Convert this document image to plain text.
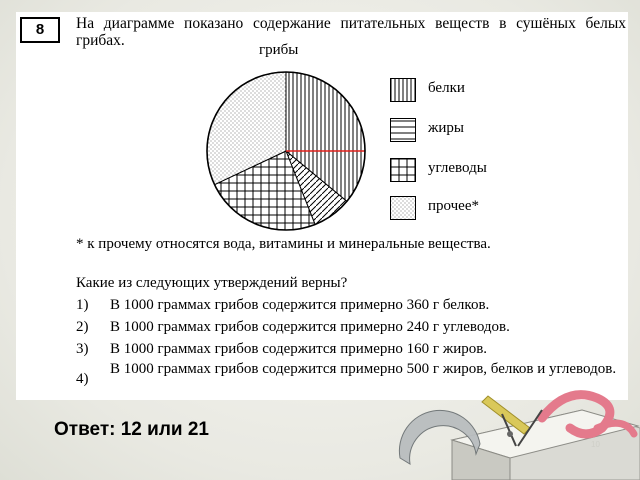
8	На диаграмме показано содержание питательных веществ в сушёных белых грибах.
грибы
белки
жиры
углеводы
прочее*
* к прочему относятся вода, витамины и минеральные вещества.
Какие из следующих утверждений верны?
1) В 1000 граммах грибов содержится примерно 360 г белков.
2) В 1000 граммах грибов содержится примерно 240 г углеводов.
3) В 1000 граммах грибов содержится примерно 160 г жиров.
4)
В 1000 граммах грибов содержится примерно 500 г жиров, белков и углеводов.
Ответ: 12 или 21
10
